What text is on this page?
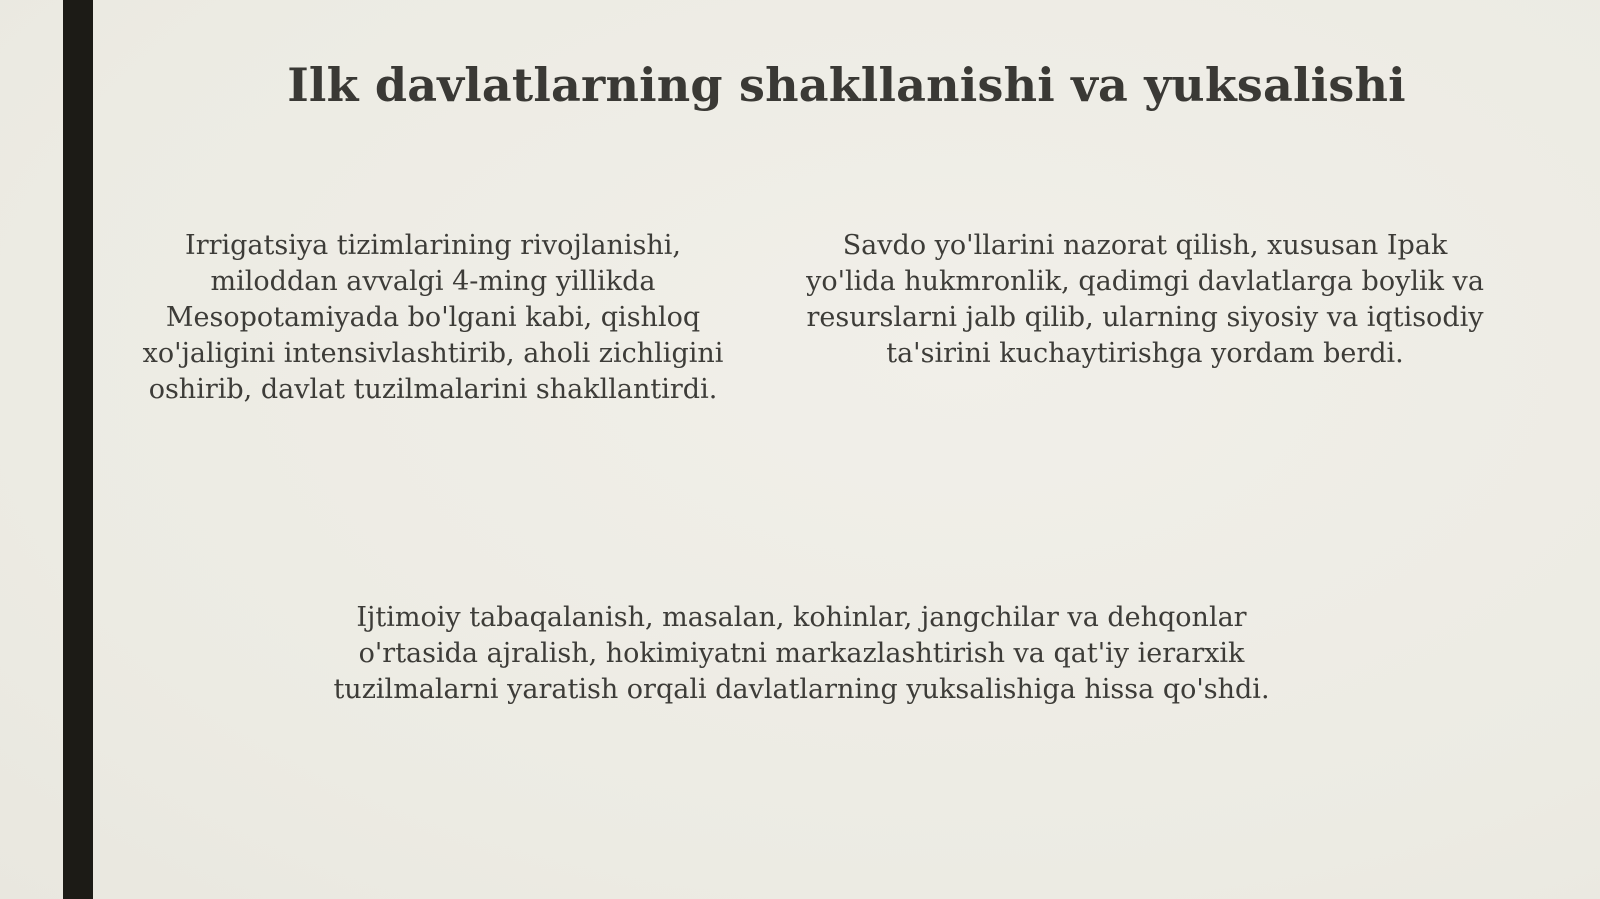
Ilk davlatlarning shakllanishi va yuksalishi

Irrigatsiya tizimlarining rivojlanishi, miloddan avvalgi 4-ming yillikda Mesopotamiyada bo'lgani kabi, qishloq xo'jaligini intensivlashtirib, aholi zichligini oshirib, davlat tuzilmalarini shakllantirdi.

Savdo yo'llarini nazorat qilish, xususan Ipak yo'lida hukmronlik, qadimgi davlatlarga boylik va resurslarni jalb qilib, ularning siyosiy va iqtisodiy ta'sirini kuchaytirishga yordam berdi.

Ijtimoiy tabaqalanish, masalan, kohinlar, jangchilar va dehqonlar o'rtasida ajralish, hokimiyatni markazlashtirish va qat'iy ierarxik tuzilmalarni yaratish orqali davlatlarning yuksalishiga hissa qo'shdi.
